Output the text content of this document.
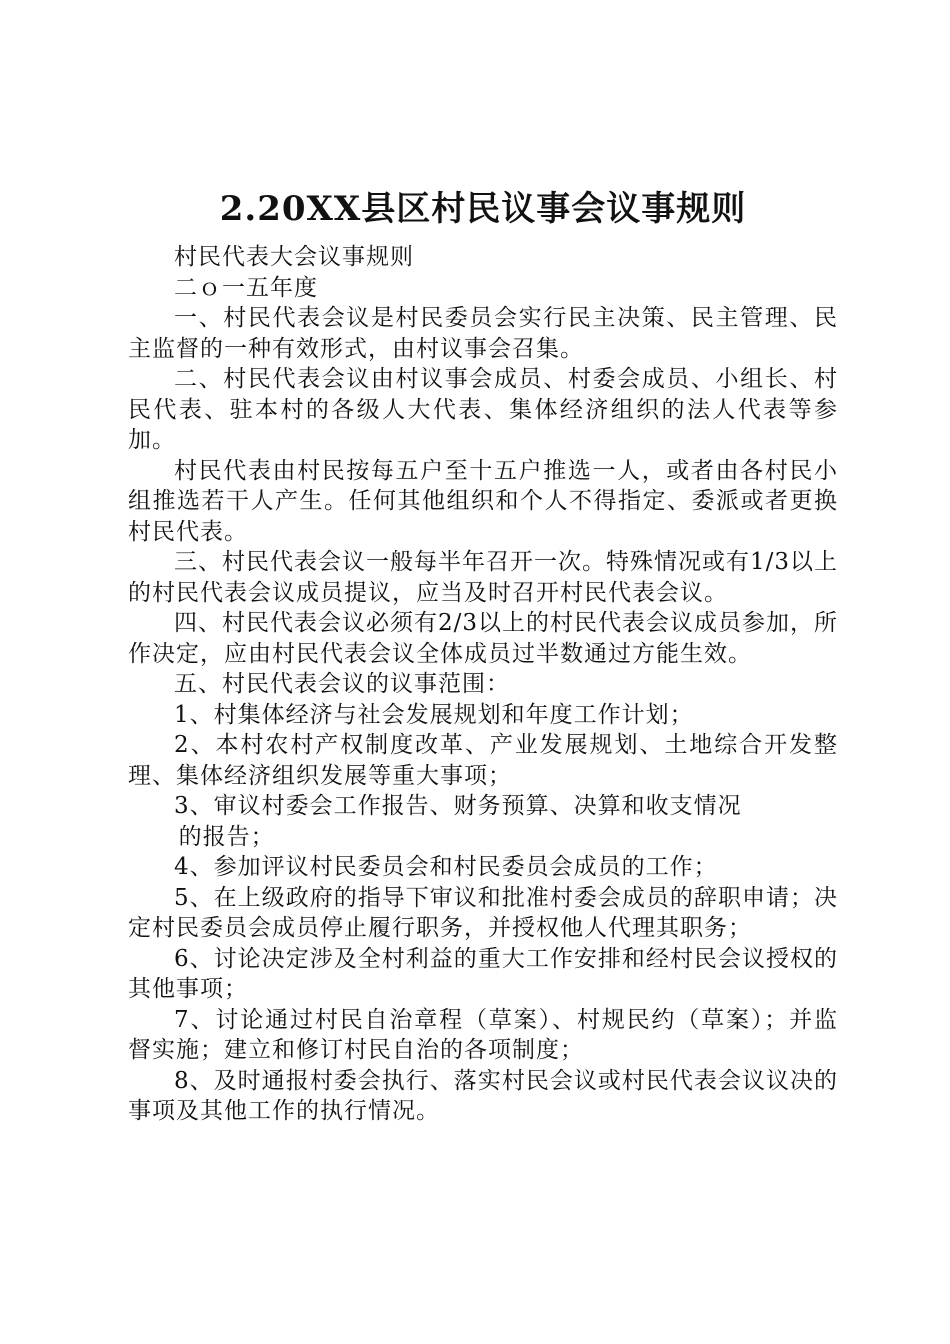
2.20XX县区村民议事会议事规则

村民代表大会议事规则

二ｏ一五年度

一、村民代表会议是村民委员会实行民主决策、民主管理、民主监督的一种有效形式，由村议事会召集。

二、村民代表会议由村议事会成员、村委会成员、小组长、村民代表、驻本村的各级人大代表、集体经济组织的法人代表等参加。

村民代表由村民按每五户至十五户推选一人，或者由各村民小组推选若干人产生。任何其他组织和个人不得指定、委派或者更换村民代表。

三、村民代表会议一般每半年召开一次。特殊情况或有1/3以上的村民代表会议成员提议，应当及时召开村民代表会议。

四、村民代表会议必须有2/3以上的村民代表会议成员参加，所作决定，应由村民代表会议全体成员过半数通过方能生效。

五、村民代表会议的议事范围：

1、村集体经济与社会发展规划和年度工作计划；

2、本村农村产权制度改革、产业发展规划、土地综合开发整理、集体经济组织发展等重大事项；

3、审议村委会工作报告、财务预算、决算和收支情况

的报告；

4、参加评议村民委员会和村民委员会成员的工作；

5、在上级政府的指导下审议和批准村委会成员的辞职申请；决定村民委员会成员停止履行职务，并授权他人代理其职务；

6、讨论决定涉及全村利益的重大工作安排和经村民会议授权的其他事项；

7、讨论通过村民自治章程（草案）、村规民约（草案）；并监督实施；建立和修订村民自治的各项制度；

8、及时通报村委会执行、落实村民会议或村民代表会议议决的事项及其他工作的执行情况。
